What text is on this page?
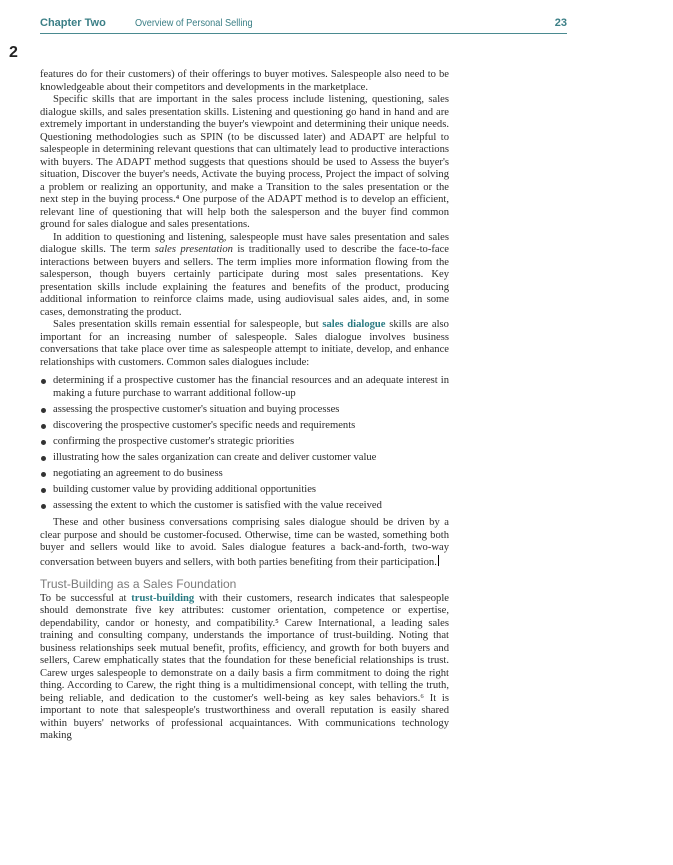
Chapter Two	Overview of Personal Selling	23
2

features do for their customers) of their offerings to buyer motives. Salespeople also need to be knowledgeable about their competitors and developments in the marketplace.

Specific skills that are important in the sales process include listening, questioning, sales dialogue skills, and sales presentation skills. Listening and questioning go hand in hand and are extremely important in understanding the buyer's viewpoint and determining their unique needs. Questioning methodologies such as SPIN (to be discussed later) and ADAPT are helpful to salespeople in determining relevant questions that can ultimately lead to productive interactions with buyers. The ADAPT method suggests that questions should be used to Assess the buyer's situation, Discover the buyer's needs, Activate the buying process, Project the impact of solving a problem or realizing an opportunity, and make a Transition to the sales presentation or the next step in the buying process.⁴ One purpose of the ADAPT method is to develop an efficient, relevant line of questioning that will help both the salesperson and the buyer find common ground for sales dialogue and sales presentations.

In addition to questioning and listening, salespeople must have sales presentation and sales dialogue skills. The term sales presentation is traditionally used to describe the face-to-face interactions between buyers and sellers. The term implies more information flowing from the salesperson, though buyers certainly participate during most sales presentations. Key presentation skills include explaining the features and benefits of the product, producing additional information to reinforce claims made, using audiovisual sales aides, and, in some cases, demonstrating the product.

Sales presentation skills remain essential for salespeople, but sales dialogue skills are also important for an increasing number of salespeople. Sales dialogue involves business conversations that take place over time as salespeople attempt to initiate, develop, and enhance relationships with customers. Common sales dialogues include:

determining if a prospective customer has the financial resources and an adequate interest in making a future purchase to warrant additional follow-up
assessing the prospective customer's situation and buying processes
discovering the prospective customer's specific needs and requirements
confirming the prospective customer's strategic priorities
illustrating how the sales organization can create and deliver customer value
negotiating an agreement to do business
building customer value by providing additional opportunities
assessing the extent to which the customer is satisfied with the value received

These and other business conversations comprising sales dialogue should be driven by a clear purpose and should be customer-focused. Otherwise, time can be wasted, something both buyer and sellers would like to avoid. Sales dialogue features a back-and-forth, two-way conversation between buyers and sellers, with both parties benefiting from their participation.

Trust-Building as a Sales Foundation

To be successful at trust-building with their customers, research indicates that salespeople should demonstrate five key attributes: customer orientation, competence or expertise, dependability, candor or honesty, and compatibility.⁵ Carew International, a leading sales training and consulting company, understands the importance of trust-building. Noting that business relationships seek mutual benefit, profits, efficiency, and growth for both buyers and sellers, Carew emphatically states that the foundation for these beneficial relationships is trust. Carew urges salespeople to demonstrate on a daily basis a firm commitment to doing the right thing. According to Carew, the right thing is a multidimensional concept, with telling the truth, being reliable, and dedication to the customer's well-being as key sales behaviors.⁶ It is important to note that salespeople's trustworthiness and overall reputation is easily shared within buyers' networks of professional acquaintances. With communications technology making
